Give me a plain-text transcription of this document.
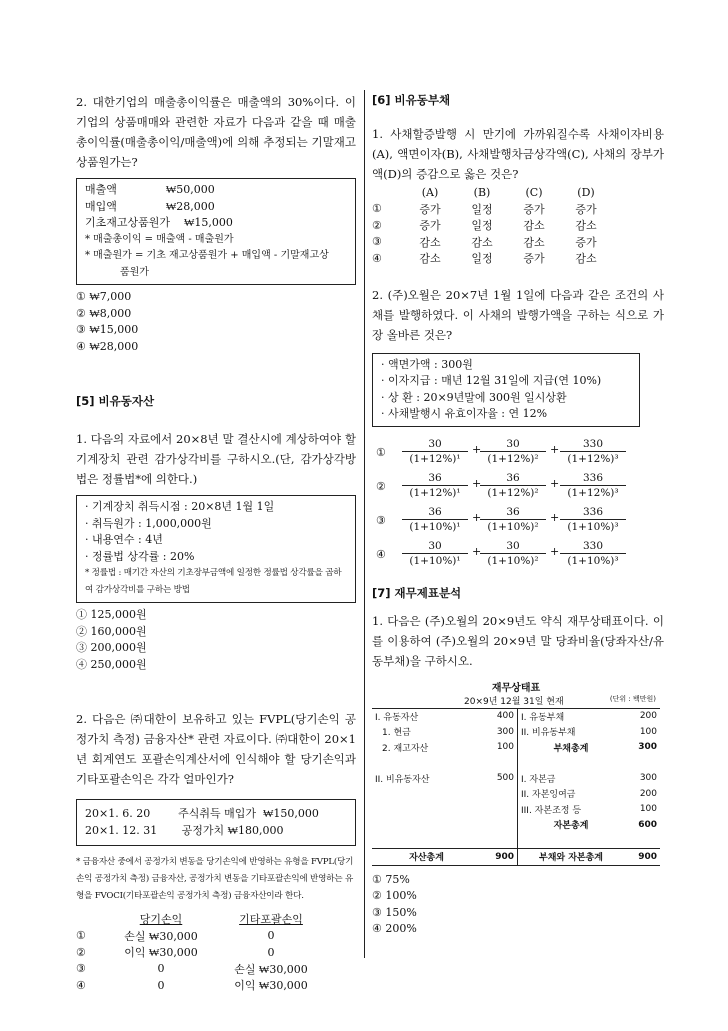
2. 대한기업의 매출총이익률은 매출액의 30%이다. 이 기업의 상품매매와 관련한 자료가 다음과 같을 때 매출총이익률(매출총이익/매출액)에 의해 추정되는 기말재고상품원가는?

매출액              ₩50,000
매입액              ₩28,000
기초재고상품원가    ₩15,000
* 매출총이익 = 매출액 - 매출원가
* 매출원가 = 기초 재고상품원가 + 매입액 - 기말재고상
품원가
① ₩7,000
② ₩8,000
③ ₩15,000
④ ₩28,000
[5] 비유동자산

1. 다음의 자료에서 20×8년 말 결산시에 계상하여야 할 기계장치 관련 감가상각비를 구하시오.(단, 감가상각방법은 정률법*에 의한다.)

· 기계장치 취득시점 : 20×8년 1월 1일
· 취득원가 : 1,000,000원
· 내용연수 : 4년
· 정률법 상각률 : 20%
* 정률법 : 매기간 자산의 기초장부금액에 일정한 정률법 상각률을 곱하여 감가상각비를 구하는 방법
① 125,000원
② 160,000원
③ 200,000원
④ 250,000원

2. 다음은 ㈜대한이 보유하고 있는 FVPL(당기손익 공정가치 측정) 금융자산* 관련 자료이다. ㈜대한이 20×1년 회계연도 포괄손익계산서에 인식해야 할 당기손익과 기타포괄손익은 각각 얼마인가?

20×1. 6. 20        주식취득 매입가  ₩150,000
20×1. 12. 31       공정가치 ₩180,000
* 금융자산 중에서 공정가치 변동을 당기손익에 반영하는 유형을 FVPL(당기손익 공정가치 측정) 금융자산, 공정가치 변동을 기타포괄손익에 반영하는 유형을 FVOCI(기타포괄손익 공정가치 측정) 금융자산이라 한다.
	당기손익	기타포괄손익
①	손실 ₩30,000	0
②	이익 ₩30,000	0
③	0	손실 ₩30,000
④	0	이익 ₩30,000
[6] 비유동부채

1. 사채할증발행 시 만기에 가까워질수록 사채이자비용(A), 액면이자(B), 사채발행차금상각액(C), 사채의 장부가액(D)의 증감으로 옳은 것은?

	(A)	(B)	(C)	(D)
①	증가	일정	증가	증가
②	증가	일정	감소	감소
③	감소	감소	감소	증가
④	감소	일정	증가	감소

2. (주)오월은 20×7년 1월 1일에 다음과 같은 조건의 사채를 발행하였다. 이 사채의 발행가액을 구하는 식으로 가장 올바른 것은?

· 액면가액 : 300원
· 이자지급 : 매년 12월 31일에 지급(연 10%)
· 상 환 : 20×9년말에 300원 일시상환
· 사채발행시 유효이자율 : 연 12%
① $\frac{30}{\text{(1+12\%)¹}}$ +
$\frac{30}{\text{(1+12\%)²}} + \frac{330}{\text{(1+12\%)³}}$
② $\frac{36}{\text{(1+12\%)¹}}$ +
$\frac{36}{\text{(1+12\%)²}} + \frac{336}{\text{(1+12\%)³}}$
③ $\frac{36}{\text{(1+10\%)¹}}$ +
$\frac{36}{\text{(1+10\%)²}} + \frac{336}{\text{(1+10\%)³}}$
④ $\frac{30}{\text{(1+10\%)¹}}$ +
$\frac{30}{\text{(1+10\%)²}} + \frac{330}{\text{(1+10\%)³}}$
[7] 재무제표분석

1. 다음은 (주)오월의 20×9년도 약식 재무상태표이다. 이를 이용하여 (주)오월의 20×9년 말 당좌비율(당좌자산/유동부채)을 구하시오.

재무상태표
20×9년 12월 31일 현재	(단위 : 백만원)
I. 유동자산	400	I. 유동부채	200
1. 현금	300	II. 비유동부채	100
2. 재고자산	100	부채총계	300

II. 비유동자산	500	I. 자본금	300
		II. 자본잉여금	200
		III. 자본조정 등	100
		자본총계	600

자산총계	900	부채와 자본총계	900
① 75%
② 100%
③ 150%
④ 200%
